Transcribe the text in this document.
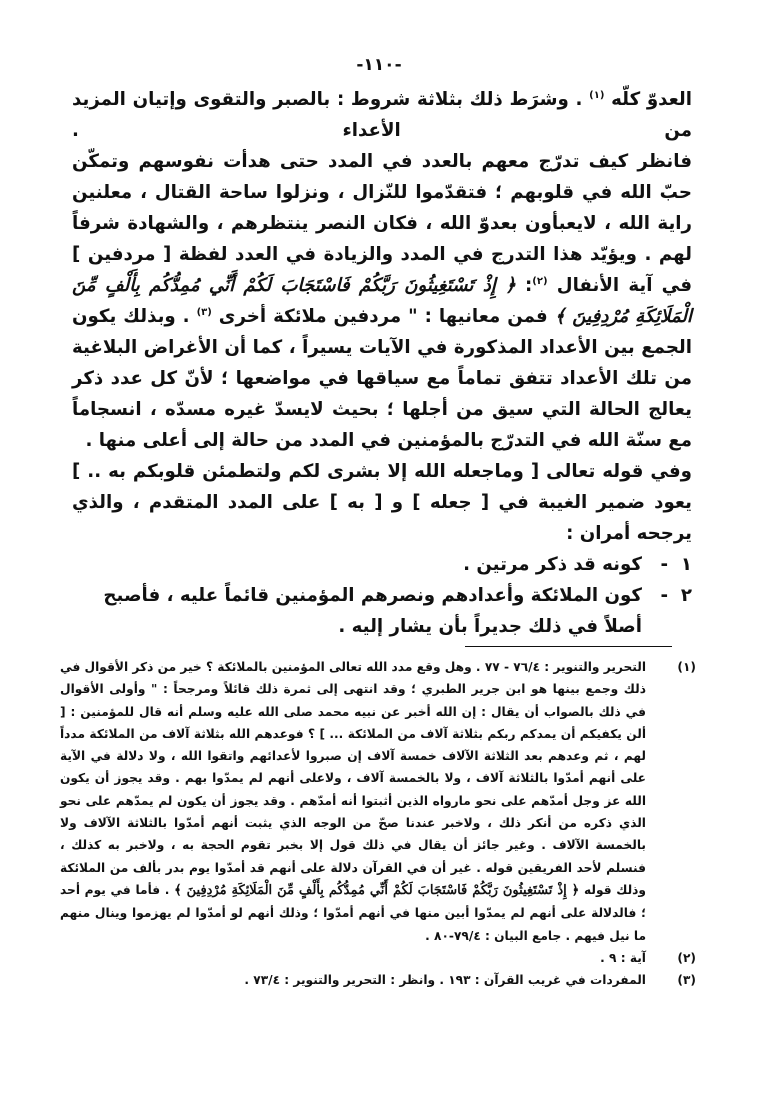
-١١٠-

العدوّ كلّه $^{(١)}$ . وشرَط ذلك بثلاثة شروط : بالصبر والتقوى وإتيان المزيد من الأعداء .

فانظر كيف تدرّج معهم بالعدد في المدد حتى هدأت نفوسهم وتمكّن حبّ الله في قلوبهم ؛ فتقدّموا للنّزال ، ونزلوا ساحة القتال ، معلنين راية الله ، لايعبأون بعدوّ الله ، فكان النصر ينتظرهم ، والشهادة شرفاً لهم . ويؤيّد هذا التدرج في المدد والزيادة في العدد لفظة [ مردفين ] في آية الأنفال $^{(٢)}$: ﴿ إِذْ تَسْتَغِيثُونَ رَبَّكُمْ فَاسْتَجَابَ لَكُمْ أَنِّي مُمِدُّكُم بِأَلْفٍ مِّنَ الْمَلَائِكَةِ مُرْدِفِينَ ﴾ فمن معانيها : " مردفين ملائكة أخرى $^{(٣)}$ . وبذلك يكون الجمع بين الأعداد المذكورة في الآيات يسيراً ، كما أن الأغراض البلاغية من تلك الأعداد تتفق تماماً مع سياقها في مواضعها ؛ لأنّ كل عدد ذكر يعالج الحالة التي سيق من أجلها ؛ بحيث لايسدّ غيره مسدّه ، انسجاماً مع سنّة الله في التدرّج بالمؤمنين في المدد من حالة إلى أعلى منها .

وفي قوله تعالى [ وماجعله الله إلا بشرى لكم ولتطمئن قلوبكم به .. ] يعود ضمير الغيبة في [ جعله ] و [ به ] على المدد المتقدم ، والذي يرجحه أمران :

١
-
كونه قد ذكر مرتين .
٢
-
كون الملائكة وأعدادهم ونصرهم المؤمنين قائماً عليه ، فأصبح أصلاً في ذلك جديراً بأن يشار إليه .
(١)
التحرير والتنوير : ٧٦/٤ - ٧٧ . وهل وقع مدد الله تعالى المؤمنين بالملائكة ؟ خير من ذكر الأقوال في ذلك وجمع بينها هو ابن جرير الطبري ؛ وقد انتهى إلى ثمرة ذلك قائلاً ومرجحاً : " وأولى الأقوال في ذلك بالصواب أن يقال : إن الله أخبر عن نبيه محمد صلى الله عليه وسلم أنه قال للمؤمنين : [ ألن يكفيكم أن يمدكم ربكم بثلاثة آلاف من الملائكة ... ] ؟ فوعدهم الله بثلاثة آلاف من الملائكة مدداً لهم ، ثم وعدهم بعد الثلاثة الآلاف خمسة آلاف إن صبروا لأعدائهم واتقوا الله ، ولا دلالة في الآية على أنهم أمدّوا بالثلاثة آلاف ، ولا بالخمسة آلاف ، ولاعلى أنهم لم يمدّوا بهم . وقد يجوز أن يكون الله عز وجل أمدّهم على نحو مارواه الذين أثبتوا أنه أمدّهم . وقد يجوز أن يكون لم يمدّهم على نحو الذي ذكره من أنكر ذلك ، ولاخبر عندنا صحّ من الوجه الذي يثبت أنهم أمدّوا بالثلاثة الآلاف ولا بالخمسة الآلاف . وغير جائز أن يقال في ذلك قول إلا بخبر تقوم الحجة به ، ولاخبر به كذلك ، فنسلم لأحد الفريقين قوله . غير أن في القرآن دلالة على أنهم قد أمدّوا يوم بدر بألف من الملائكة وذلك قوله ﴿ إِذْ تَسْتَغِيثُونَ رَبَّكُمْ فَاسْتَجَابَ لَكُمْ أَنِّي مُمِدُّكُم بِأَلْفٍ مِّنَ الْمَلَائِكَةِ مُرْدِفِينَ ﴾ . فأما في يوم أحد ؛ فالدلالة على أنهم لم يمدّوا أبين منها في أنهم أمدّوا ؛ وذلك أنهم لو أمدّوا لم يهزموا وينال منهم ما نيل فيهم . جامع البيان : ٧٩/٤-٨٠ .
(٢)
آية : ٩ .
(٣)
المفردات في غريب القرآن : ١٩٣ . وانظر : التحرير والتنوير : ٧٣/٤ .
